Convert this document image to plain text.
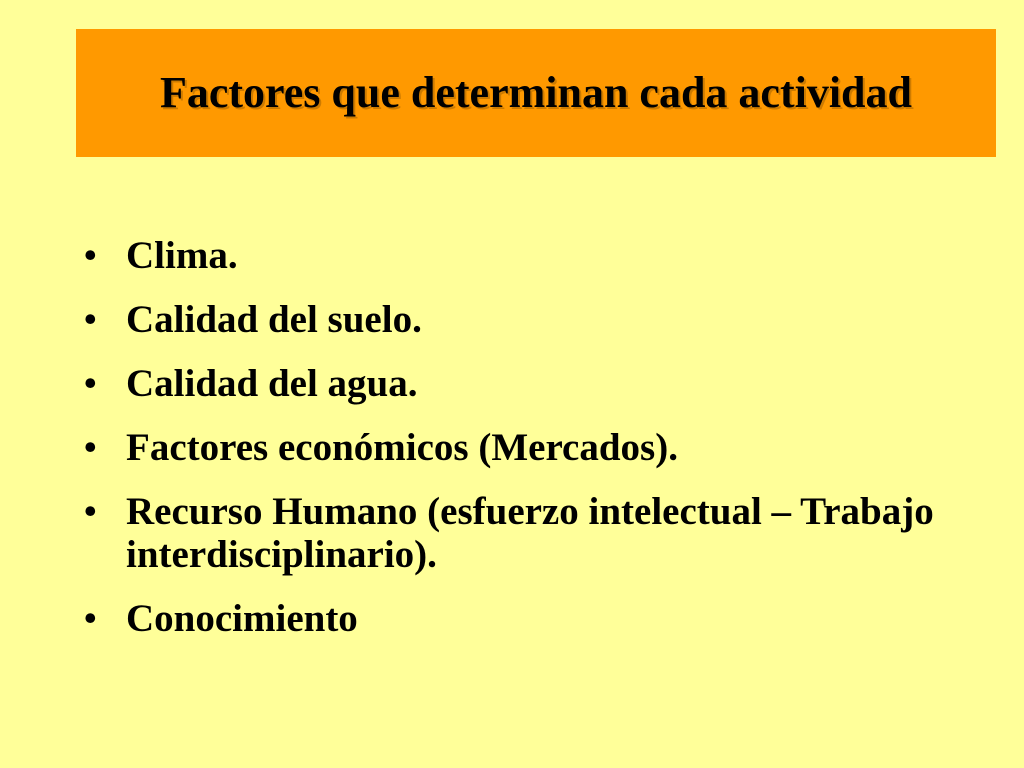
Factores que determinan cada actividad
• Clima.
• Calidad del suelo.
• Calidad del agua.
• Factores económicos (Mercados).
• Recurso Humano (esfuerzo intelectual – Trabajo interdisciplinario).
• Conocimiento
